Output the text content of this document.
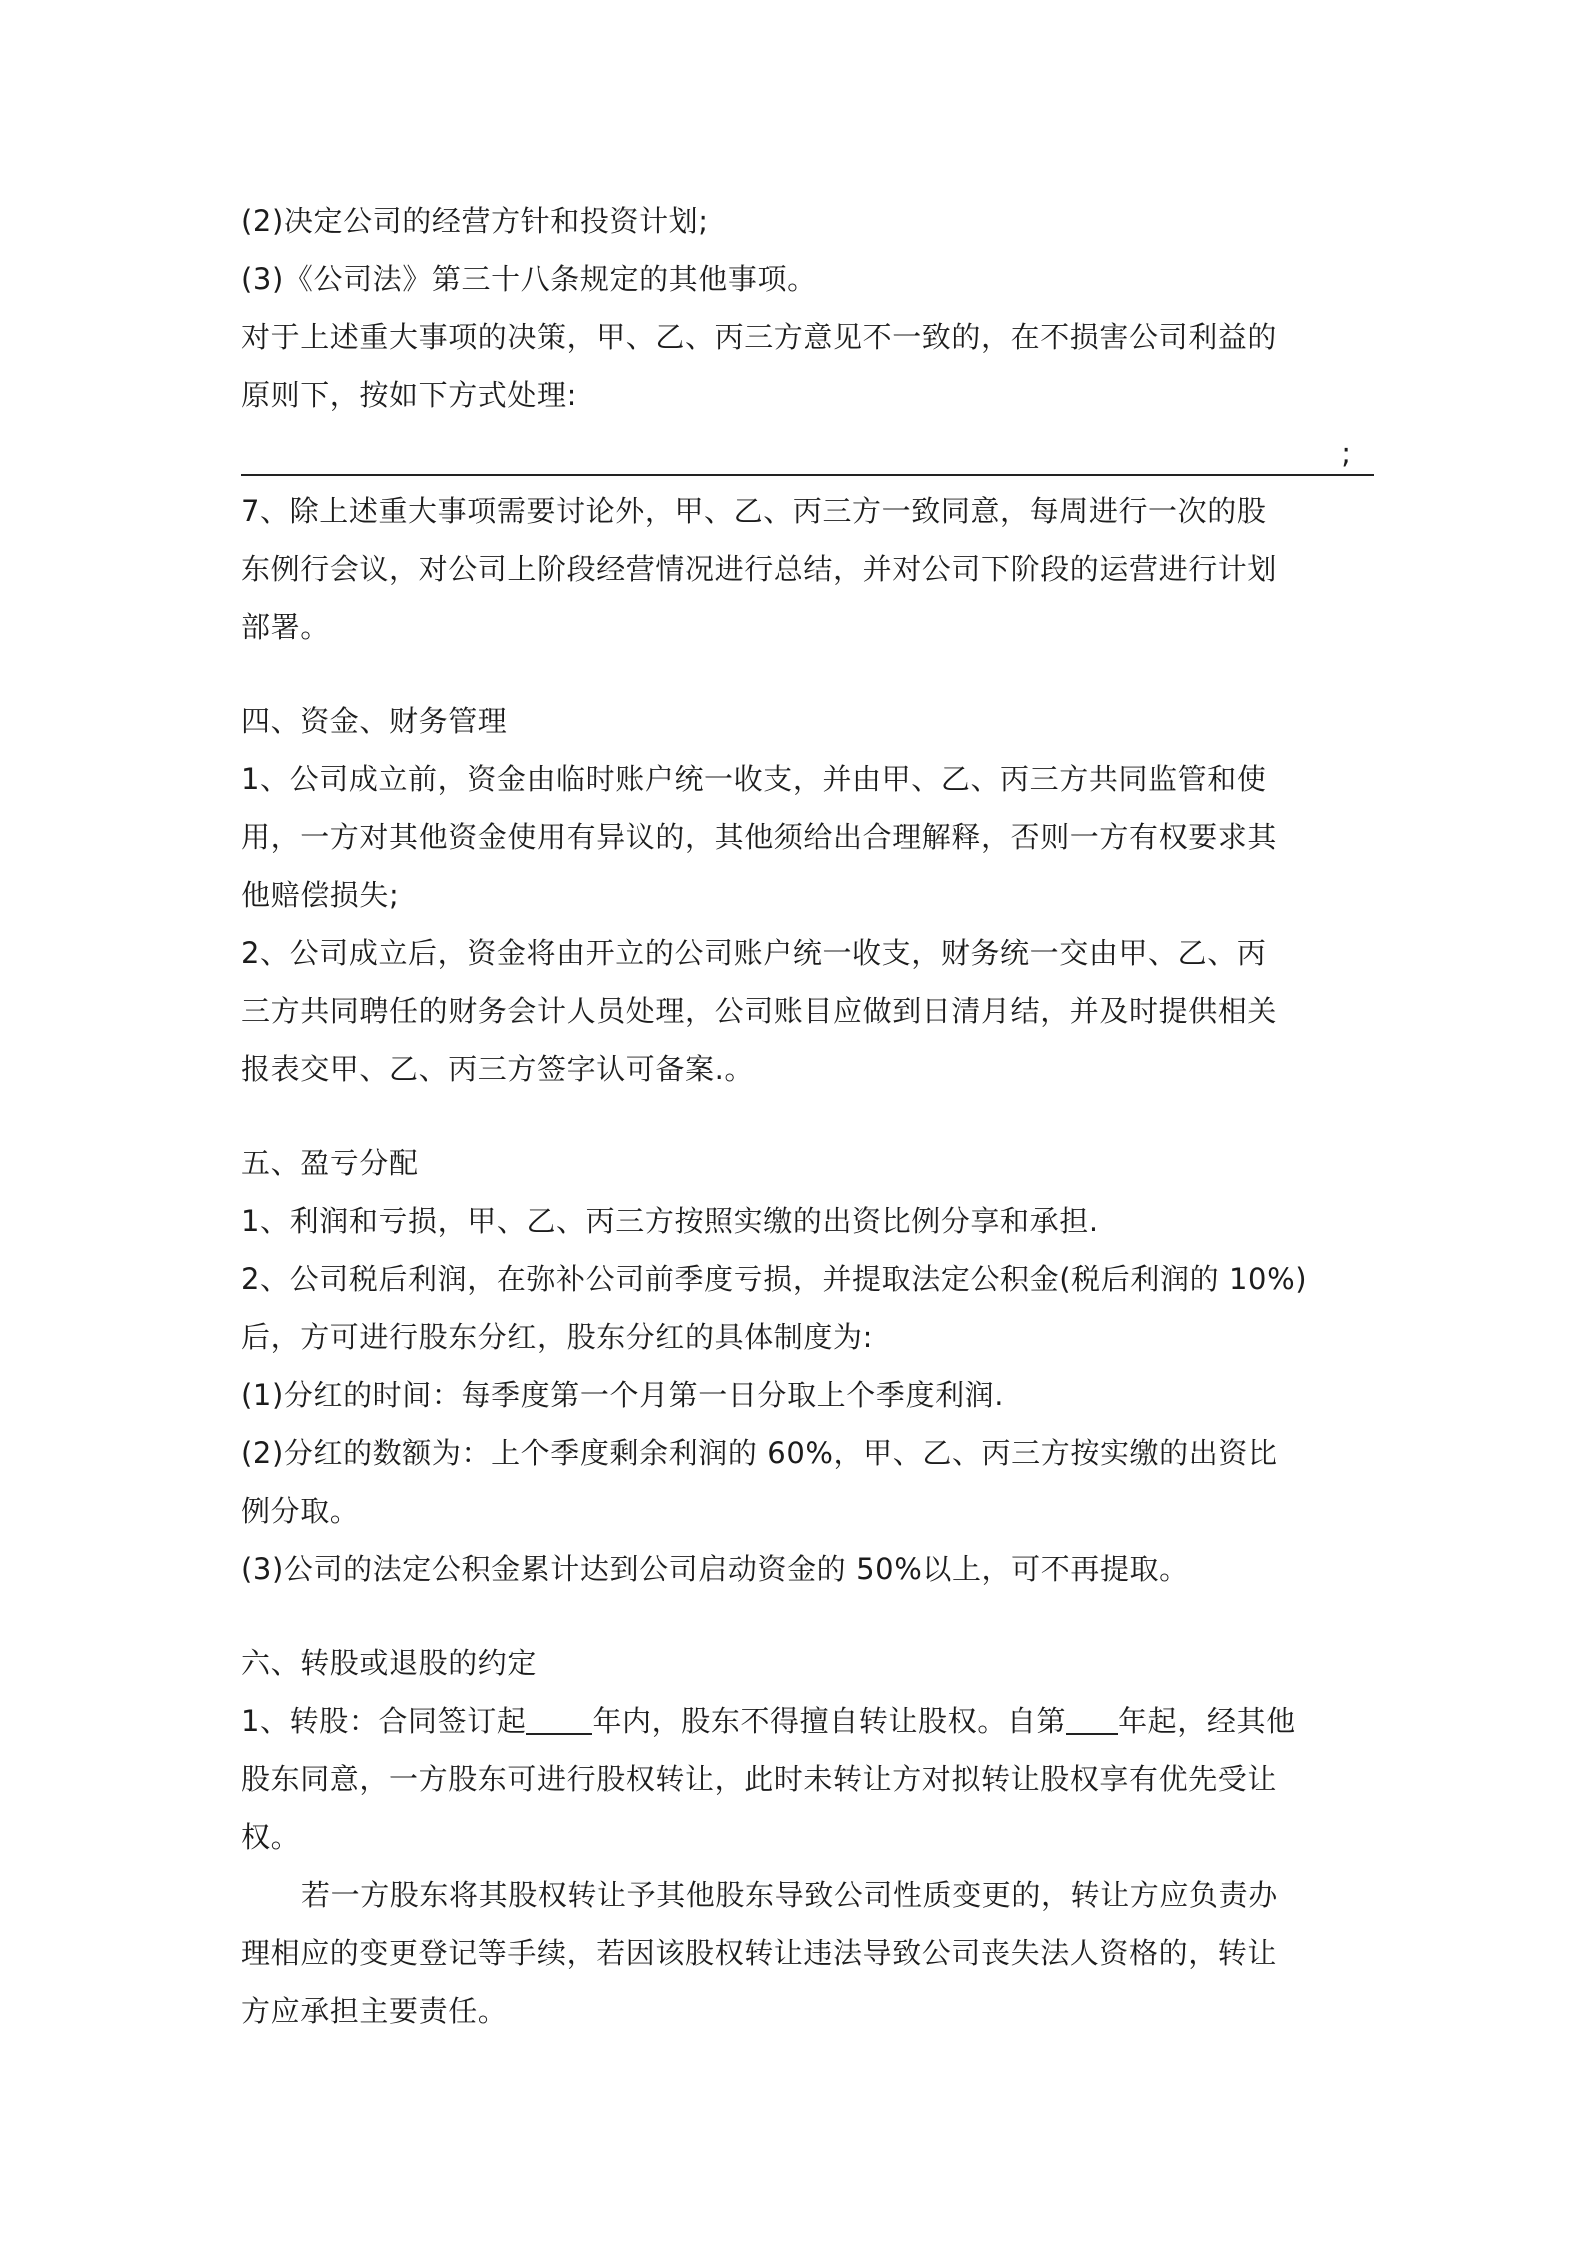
(2)决定公司的经营方针和投资计划;
(3)《公司法》第三十八条规定的其他事项。
对于上述重大事项的决策，甲、乙、丙三方意见不一致的，在不损害公司利益的
原则下，按如下方式处理:
;
7、除上述重大事项需要讨论外，甲、乙、丙三方一致同意，每周进行一次的股
东例行会议，对公司上阶段经营情况进行总结，并对公司下阶段的运营进行计划
部署。
四、资金、财务管理
1、公司成立前，资金由临时账户统一收支，并由甲、乙、丙三方共同监管和使
用，一方对其他资金使用有异议的，其他须给出合理解释，否则一方有权要求其
他赔偿损失;
2、公司成立后，资金将由开立的公司账户统一收支，财务统一交由甲、乙、丙
三方共同聘任的财务会计人员处理，公司账目应做到日清月结，并及时提供相关
报表交甲、乙、丙三方签字认可备案.。
五、盈亏分配
1、利润和亏损，甲、乙、丙三方按照实缴的出资比例分享和承担.
2、公司税后利润，在弥补公司前季度亏损，并提取法定公积金(税后利润的 10%)
后，方可进行股东分红，股东分红的具体制度为:
(1)分红的时间：每季度第一个月第一日分取上个季度利润.
(2)分红的数额为：上个季度剩余利润的 60%，甲、乙、丙三方按实缴的出资比
例分取。
(3)公司的法定公积金累计达到公司启动资金的 50%以上，可不再提取。
六、转股或退股的约定
1、转股：合同签订起 年内，股东不得擅自转让股权。自第 年起，经其他
股东同意，一方股东可进行股权转让，此时未转让方对拟转让股权享有优先受让
权。
若一方股东将其股权转让予其他股东导致公司性质变更的，转让方应负责办
理相应的变更登记等手续，若因该股权转让违法导致公司丧失法人资格的，转让
方应承担主要责任。
